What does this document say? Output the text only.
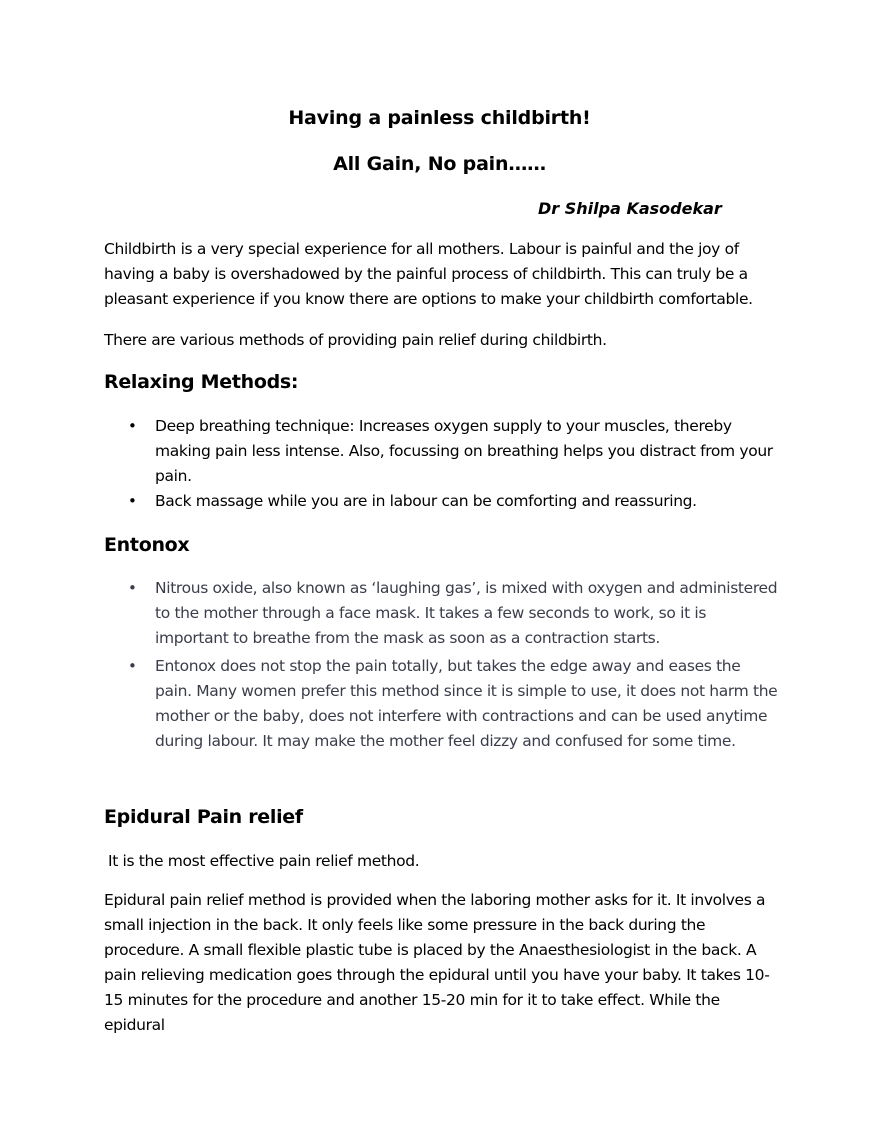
Having a painless childbirth!
All Gain, No pain……
Dr Shilpa Kasodekar

Childbirth is a very special experience for all mothers. Labour is painful and the joy of having a baby is overshadowed by the painful process of childbirth. This can truly be a pleasant experience if you know there are options to make your childbirth comfortable.

There are various methods of providing pain relief during childbirth.

Relaxing Methods:
•	Deep breathing technique: Increases oxygen supply to your muscles, thereby making pain less intense. Also, focussing on breathing helps you distract from your pain.
•	Back massage while you are in labour can be comforting and reassuring.
Entonox
•	Nitrous oxide, also known as ‘laughing gas’, is mixed with oxygen and administered to the mother through a face mask. It takes a few seconds to work, so it is important to breathe from the mask as soon as a contraction starts.
•	Entonox does not stop the pain totally, but takes the edge away and eases the pain. Many women prefer this method since it is simple to use, it does not harm the mother or the baby, does not interfere with contractions and can be used anytime during labour. It may make the mother feel dizzy and confused for some time.
Epidural Pain relief

It is the most effective pain relief method.

Epidural pain relief method is provided when the laboring mother asks for it. It involves a small injection in the back. It only feels like some pressure in the back during the procedure. A small flexible plastic tube is placed by the Anaesthesiologist in the back. A pain relieving medication goes through the epidural until you have your baby. It takes 10-15 minutes for the procedure and another 15-20 min for it to take effect. While the epidural
